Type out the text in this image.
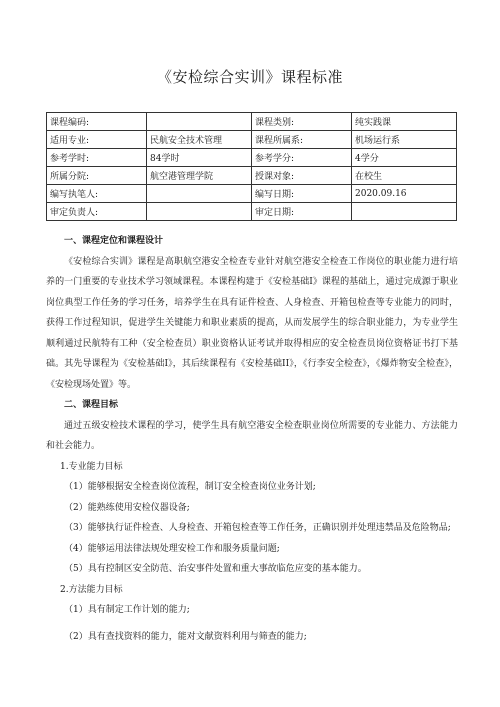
《安检综合实训》课程标准
课程编码:		课程类别:	纯实践课
适用专业:	民航安全技术管理	课程所属系:	机场运行系
参考学时:	84学时	参考学分:	4学分
所属分院:	航空港管理学院	授课对象:	在校生
编写执笔人:		编写日期:	2020.09.16
审定负责人:		审定日期:	

一、课程定位和课程设计

《安检综合实训》课程是高职航空港安全检查专业针对航空港安全检查工作岗位的职业能力进行培养的一门重要的专业技术学习领域课程。本课程构建于《安检基础I》课程的基础上，通过完成源于职业岗位典型工作任务的学习任务，培养学生在具有证件检查、人身检查、开箱包检查等专业能力的同时，获得工作过程知识，促进学生关键能力和职业素质的提高，从而发展学生的综合职业能力，为专业学生顺利通过民航特有工种（安全检查员）职业资格认证考试并取得相应的安全检查员岗位资格证书打下基础。其先导课程为《安检基础I》，其后续课程有《安检基础II》，《行李安全检查》，《爆炸物安全检查》，《安检现场处置》等。

二、课程目标

通过五级安检技术课程的学习，使学生具有航空港安全检查职业岗位所需要的专业能力、方法能力和社会能力。

1.专业能力目标

（1）能够根据安全检查岗位流程，制订安全检查岗位业务计划;

（2）能熟练使用安检仪器设备;

（3）能够执行证件检查、人身检查、开箱包检查等工作任务，正确识别并处理违禁品及危险物品;

（4）能够运用法律法规处理安检工作和服务质量问题;

（5）具有控制区安全防范、治安事件处置和重大事故临危应变的基本能力。

2.方法能力目标

（1）具有制定工作计划的能力;

（2）具有查找资料的能力，能对文献资料利用与筛查的能力;
